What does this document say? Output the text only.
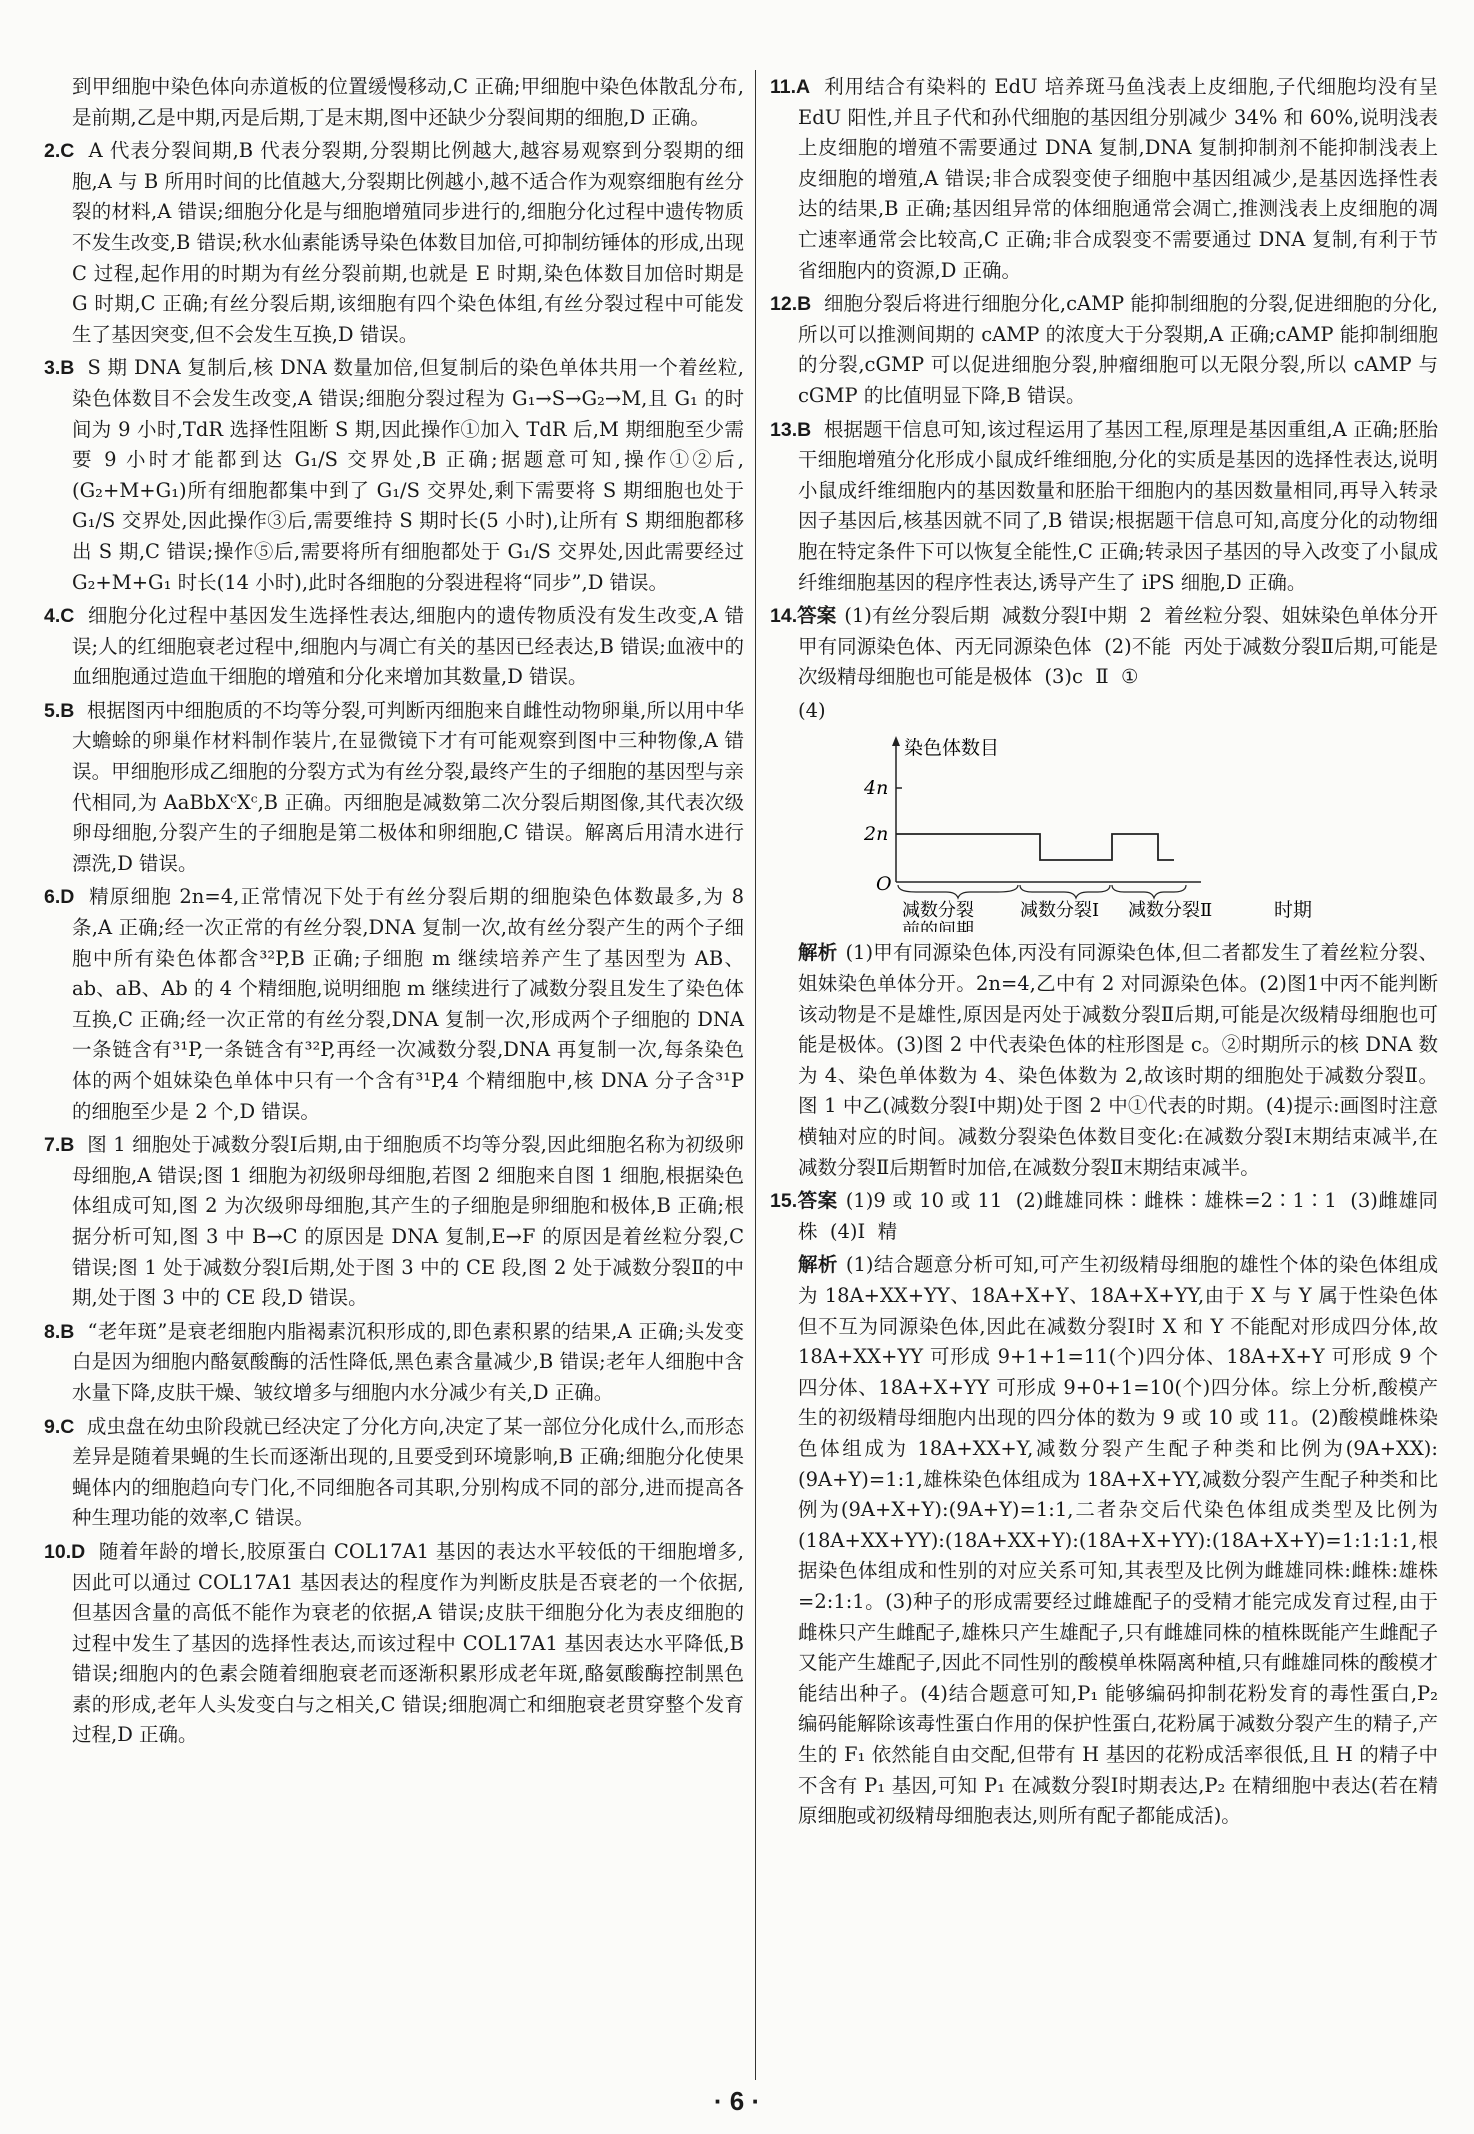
到甲细胞中染色体向赤道板的位置缓慢移动,C 正确;甲细胞中染色体散乱分布,是前期,乙是中期,丙是后期,丁是末期,图中还缺少分裂间期的细胞,D 正确。

2.C A 代表分裂间期,B 代表分裂期,分裂期比例越大,越容易观察到分裂期的细胞,A 与 B 所用时间的比值越大,分裂期比例越小,越不适合作为观察细胞有丝分裂的材料,A 错误;细胞分化是与细胞增殖同步进行的,细胞分化过程中遗传物质不发生改变,B 错误;秋水仙素能诱导染色体数目加倍,可抑制纺锤体的形成,出现 C 过程,起作用的时期为有丝分裂前期,也就是 E 时期,染色体数目加倍时期是 G 时期,C 正确;有丝分裂后期,该细胞有四个染色体组,有丝分裂过程中可能发生了基因突变,但不会发生互换,D 错误。

3.B S 期 DNA 复制后,核 DNA 数量加倍,但复制后的染色单体共用一个着丝粒,染色体数目不会发生改变,A 错误;细胞分裂过程为 G₁→S→G₂→M,且 G₁ 的时间为 9 小时,TdR 选择性阻断 S 期,因此操作①加入 TdR 后,M 期细胞至少需要 9 小时才能都到达 G₁/S 交界处,B 正确;据题意可知,操作①②后,(G₂+M+G₁)所有细胞都集中到了 G₁/S 交界处,剩下需要将 S 期细胞也处于 G₁/S 交界处,因此操作③后,需要维持 S 期时长(5 小时),让所有 S 期细胞都移出 S 期,C 错误;操作⑤后,需要将所有细胞都处于 G₁/S 交界处,因此需要经过 G₂+M+G₁ 时长(14 小时),此时各细胞的分裂进程将“同步”,D 错误。

4.C 细胞分化过程中基因发生选择性表达,细胞内的遗传物质没有发生改变,A 错误;人的红细胞衰老过程中,细胞内与凋亡有关的基因已经表达,B 错误;血液中的血细胞通过造血干细胞的增殖和分化来增加其数量,D 错误。

5.B 根据图丙中细胞质的不均等分裂,可判断丙细胞来自雌性动物卵巢,所以用中华大蟾蜍的卵巢作材料制作装片,在显微镜下才有可能观察到图中三种物像,A 错误。甲细胞形成乙细胞的分裂方式为有丝分裂,最终产生的子细胞的基因型与亲代相同,为 AaBbXᶜXᶜ,B 正确。丙细胞是减数第二次分裂后期图像,其代表次级卵母细胞,分裂产生的子细胞是第二极体和卵细胞,C 错误。解离后用清水进行漂洗,D 错误。

6.D 精原细胞 2n=4,正常情况下处于有丝分裂后期的细胞染色体数最多,为 8 条,A 正确;经一次正常的有丝分裂,DNA 复制一次,故有丝分裂产生的两个子细胞中所有染色体都含³²P,B 正确;子细胞 m 继续培养产生了基因型为 AB、ab、aB、Ab 的 4 个精细胞,说明细胞 m 继续进行了减数分裂且发生了染色体互换,C 正确;经一次正常的有丝分裂,DNA 复制一次,形成两个子细胞的 DNA 一条链含有³¹P,一条链含有³²P,再经一次减数分裂,DNA 再复制一次,每条染色体的两个姐妹染色单体中只有一个含有³¹P,4 个精细胞中,核 DNA 分子含³¹P 的细胞至少是 2 个,D 错误。

7.B 图 1 细胞处于减数分裂Ⅰ后期,由于细胞质不均等分裂,因此细胞名称为初级卵母细胞,A 错误;图 1 细胞为初级卵母细胞,若图 2 细胞来自图 1 细胞,根据染色体组成可知,图 2 为次级卵母细胞,其产生的子细胞是卵细胞和极体,B 正确;根据分析可知,图 3 中 B→C 的原因是 DNA 复制,E→F 的原因是着丝粒分裂,C 错误;图 1 处于减数分裂Ⅰ后期,处于图 3 中的 CE 段,图 2 处于减数分裂Ⅱ的中期,处于图 3 中的 CE 段,D 错误。

8.B “老年斑”是衰老细胞内脂褐素沉积形成的,即色素积累的结果,A 正确;头发变白是因为细胞内酪氨酸酶的活性降低,黑色素含量减少,B 错误;老年人细胞中含水量下降,皮肤干燥、皱纹增多与细胞内水分减少有关,D 正确。

9.C 成虫盘在幼虫阶段就已经决定了分化方向,决定了某一部位分化成什么,而形态差异是随着果蝇的生长而逐渐出现的,且要受到环境影响,B 正确;细胞分化使果蝇体内的细胞趋向专门化,不同细胞各司其职,分别构成不同的部分,进而提高各种生理功能的效率,C 错误。

10.D 随着年龄的增长,胶原蛋白 COL17A1 基因的表达水平较低的干细胞增多,因此可以通过 COL17A1 基因表达的程度作为判断皮肤是否衰老的一个依据,但基因含量的高低不能作为衰老的依据,A 错误;皮肤干细胞分化为表皮细胞的过程中发生了基因的选择性表达,而该过程中 COL17A1 基因表达水平降低,B 错误;细胞内的色素会随着细胞衰老而逐渐积累形成老年斑,酪氨酸酶控制黑色素的形成,老年人头发变白与之相关,C 错误;细胞凋亡和细胞衰老贯穿整个发育过程,D 正确。

11.A 利用结合有染料的 EdU 培养斑马鱼浅表上皮细胞,子代细胞均没有呈 EdU 阳性,并且子代和孙代细胞的基因组分别减少 34% 和 60%,说明浅表上皮细胞的增殖不需要通过 DNA 复制,DNA 复制抑制剂不能抑制浅表上皮细胞的增殖,A 错误;非合成裂变使子细胞中基因组减少,是基因选择性表达的结果,B 正确;基因组异常的体细胞通常会凋亡,推测浅表上皮细胞的凋亡速率通常会比较高,C 正确;非合成裂变不需要通过 DNA 复制,有利于节省细胞内的资源,D 正确。

12.B 细胞分裂后将进行细胞分化,cAMP 能抑制细胞的分裂,促进细胞的分化,所以可以推测间期的 cAMP 的浓度大于分裂期,A 正确;cAMP 能抑制细胞的分裂,cGMP 可以促进细胞分裂,肿瘤细胞可以无限分裂,所以 cAMP 与 cGMP 的比值明显下降,B 错误。

13.B 根据题干信息可知,该过程运用了基因工程,原理是基因重组,A 正确;胚胎干细胞增殖分化形成小鼠成纤维细胞,分化的实质是基因的选择性表达,说明小鼠成纤维细胞内的基因数量和胚胎干细胞内的基因数量相同,再导入转录因子基因后,核基因就不同了,B 错误;根据题干信息可知,高度分化的动物细胞在特定条件下可以恢复全能性,C 正确;转录因子基因的导入改变了小鼠成纤维细胞基因的程序性表达,诱导产生了 iPS 细胞,D 正确。

14.答案 (1)有丝分裂后期  减数分裂Ⅰ中期  2  着丝粒分裂、姐妹染色单体分开  甲有同源染色体、丙无同源染色体  (2)不能  丙处于减数分裂Ⅱ后期,可能是次级精母细胞也可能是极体  (3)c  Ⅱ  ①

(4)

染色体数目
4n
2n
O
减数分裂
前的间期
减数分裂Ⅰ 减数分裂Ⅱ	时期
减数分裂前的间期

解析 (1)甲有同源染色体,丙没有同源染色体,但二者都发生了着丝粒分裂、姐妹染色单体分开。2n=4,乙中有 2 对同源染色体。(2)图1中丙不能判断该动物是不是雄性,原因是丙处于减数分裂Ⅱ后期,可能是次级精母细胞也可能是极体。(3)图 2 中代表染色体的柱形图是 c。②时期所示的核 DNA 数为 4、染色单体数为 4、染色体数为 2,故该时期的细胞处于减数分裂Ⅱ。图 1 中乙(减数分裂Ⅰ中期)处于图 2 中①代表的时期。(4)提示:画图时注意横轴对应的时间。减数分裂染色体数目变化:在减数分裂Ⅰ末期结束减半,在减数分裂Ⅱ后期暂时加倍,在减数分裂Ⅱ末期结束减半。

15.答案 (1)9 或 10 或 11  (2)雌雄同株∶雌株∶雄株=2∶1∶1  (3)雌雄同株  (4)Ⅰ  精

解析 (1)结合题意分析可知,可产生初级精母细胞的雄性个体的染色体组成为 18A+XX+YY、18A+X+Y、18A+X+YY,由于 X 与 Y 属于性染色体但不互为同源染色体,因此在减数分裂Ⅰ时 X 和 Y 不能配对形成四分体,故 18A+XX+YY 可形成 9+1+1=11(个)四分体、18A+X+Y 可形成 9 个四分体、18A+X+YY 可形成 9+0+1=10(个)四分体。综上分析,酸模产生的初级精母细胞内出现的四分体的数为 9 或 10 或 11。(2)酸模雌株染色体组成为 18A+XX+Y,减数分裂产生配子种类和比例为(9A+XX):(9A+Y)=1:1,雄株染色体组成为 18A+X+YY,减数分裂产生配子种类和比例为(9A+X+Y):(9A+Y)=1:1,二者杂交后代染色体组成类型及比例为(18A+XX+YY):(18A+XX+Y):(18A+X+YY):(18A+X+Y)=1:1:1:1,根据染色体组成和性别的对应关系可知,其表型及比例为雌雄同株:雌株:雄株=2:1:1。(3)种子的形成需要经过雌雄配子的受精才能完成发育过程,由于雌株只产生雌配子,雄株只产生雄配子,只有雌雄同株的植株既能产生雌配子又能产生雄配子,因此不同性别的酸模单株隔离种植,只有雌雄同株的酸模才能结出种子。(4)结合题意可知,P₁ 能够编码抑制花粉发育的毒性蛋白,P₂ 编码能解除该毒性蛋白作用的保护性蛋白,花粉属于减数分裂产生的精子,产生的 F₁ 依然能自由交配,但带有 H 基因的花粉成活率很低,且 H 的精子中不含有 P₁ 基因,可知 P₁ 在减数分裂Ⅰ时期表达,P₂ 在精细胞中表达(若在精原细胞或初级精母细胞表达,则所有配子都能成活)。

· 6 ·
